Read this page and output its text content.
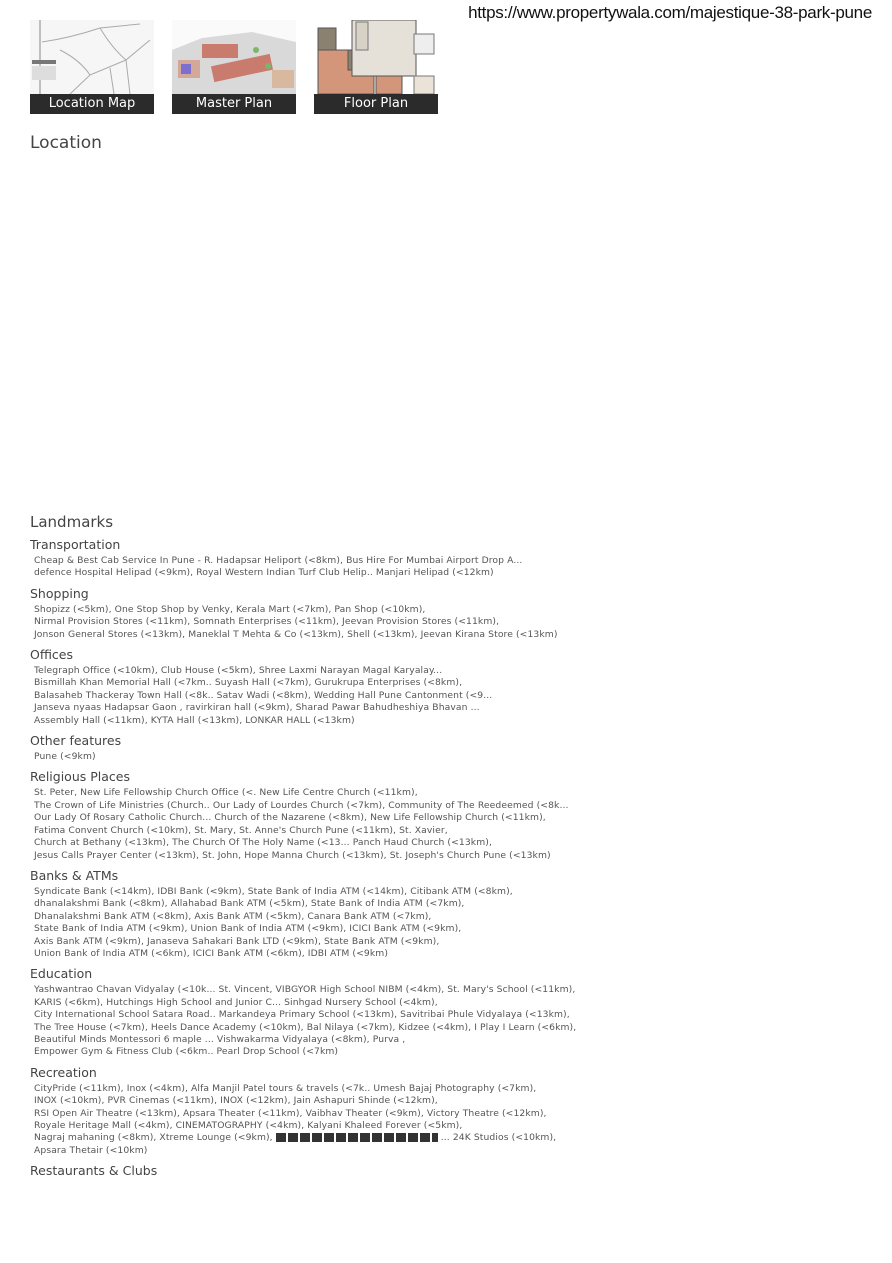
https://www.propertywala.com/majestique-38-park-pune
Location Map	Master Plan	Floor Plan
Location
Landmarks
Transportation
Cheap & Best Cab Service In Pune - R. Hadapsar Heliport (<8km), Bus Hire For Mumbai Airport Drop A...
defence Hospital Helipad (<9km), Royal Western Indian Turf Club Helip.. Manjari Helipad (<12km)
Shopping
Shopizz (<5km), One Stop Shop by Venky, Kerala Mart (<7km), Pan Shop (<10km),
Nirmal Provision Stores (<11km), Somnath Enterprises (<11km), Jeevan Provision Stores (<11km),
Jonson General Stores (<13km), Maneklal T Mehta & Co (<13km), Shell (<13km), Jeevan Kirana Store (<13km)
Offices
Telegraph Office (<10km), Club House (<5km), Shree Laxmi Narayan Magal Karyalay...
Bismillah Khan Memorial Hall (<7km.. Suyash Hall (<7km), Gurukrupa Enterprises (<8km),
Balasaheb Thackeray Town Hall (<8k.. Satav Wadi (<8km), Wedding Hall Pune Cantonment (<9...
Janseva nyaas Hadapsar Gaon , ravirkiran hall (<9km), Sharad Pawar Bahudheshiya Bhavan ...
Assembly Hall (<11km), KYTA Hall (<13km), LONKAR HALL (<13km)
Other features
Pune (<9km)
Religious Places
St. Peter, New Life Fellowship Church Office (<. New Life Centre Church (<11km),
The Crown of Life Ministries (Church.. Our Lady of Lourdes Church (<7km), Community of The Reedeemed (<8k...
Our Lady Of Rosary Catholic Church... Church of the Nazarene (<8km), New Life Fellowship Church (<11km),
Fatima Convent Church (<10km), St. Mary, St. Anne's Church Pune (<11km), St. Xavier,
Church at Bethany (<13km), The Church Of The Holy Name (<13... Panch Haud Church (<13km),
Jesus Calls Prayer Center (<13km), St. John, Hope Manna Church (<13km), St. Joseph's Church Pune (<13km)
Banks & ATMs
Syndicate Bank (<14km), IDBI Bank (<9km), State Bank of India ATM (<14km), Citibank ATM (<8km),
dhanalakshmi Bank (<8km), Allahabad Bank ATM (<5km), State Bank of India ATM (<7km),
Dhanalakshmi Bank ATM (<8km), Axis Bank ATM (<5km), Canara Bank ATM (<7km),
State Bank of India ATM (<9km), Union Bank of India ATM (<9km), ICICI Bank ATM (<9km),
Axis Bank ATM (<9km), Janaseva Sahakari Bank LTD (<9km), State Bank ATM (<9km),
Union Bank of India ATM (<6km), ICICI Bank ATM (<6km), IDBI ATM (<9km)
Education
Yashwantrao Chavan Vidyalay (<10k... St. Vincent, VIBGYOR High School NIBM (<4km), St. Mary's School (<11km),
KARIS (<6km), Hutchings High School and Junior C... Sinhgad Nursery School (<4km),
City International School Satara Road.. Markandeya Primary School (<13km), Savitribai Phule Vidyalaya (<13km),
The Tree House (<7km), Heels Dance Academy (<10km), Bal Nilaya (<7km), Kidzee (<4km), I Play I Learn (<6km),
Beautiful Minds Montessori 6 maple ... Vishwakarma Vidyalaya (<8km), Purva ,
Empower Gym & Fitness Club (<6km.. Pearl Drop School (<7km)
Recreation
CityPride (<11km), Inox (<4km), Alfa Manjil Patel tours & travels (<7k.. Umesh Bajaj Photography (<7km),
INOX (<10km), PVR Cinemas (<11km), INOX (<12km), Jain Ashapuri Shinde (<12km),
RSI Open Air Theatre (<13km), Apsara Theater (<11km), Vaibhav Theater (<9km), Victory Theatre (<12km),
Royale Heritage Mall (<4km), CINEMATOGRAPHY (<4km), Kalyani Khaleed Forever (<5km),
Nagraj mahaning (<8km), Xtreme Lounge (<9km),	... 24K Studios (<10km),
Apsara Thetair (<10km)
Restaurants & Clubs
